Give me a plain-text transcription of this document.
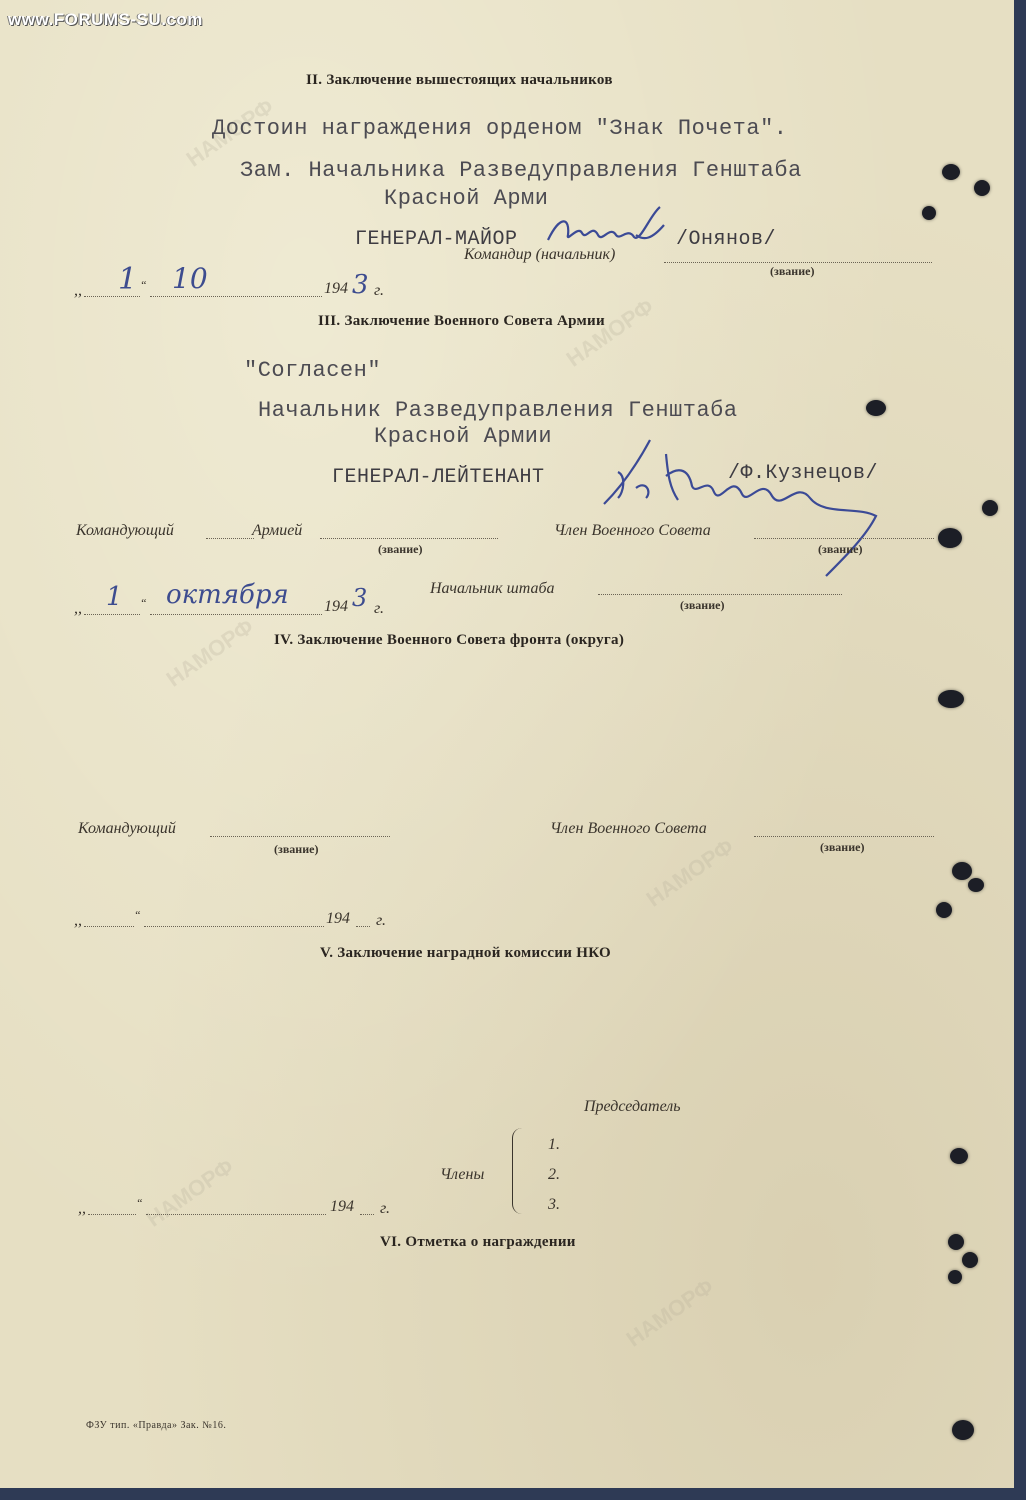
НАМОРФ
НАМОРФ
НАМОРФ
НАМОРФ
НАМОРФ
НАМОРФ
www.FORUMS-SU.com
II. Заключение вышестоящих начальников
Достоин награждения орденом "Знак Почета".
Зам. Начальника Разведуправления Генштаба
Красной Арми
ГЕНЕРАЛ-МАЙОР	/Онянов/
Командир (начальник)
(звание)
,, 1 “ 10	194 3 г.
III. Заключение Военного Совета Армии
"Согласен"
Начальник Разведуправления Генштаба
Красной Армии
ГЕНЕРАЛ-ЛЕЙТЕНАНТ	/Ф.Кузнецов/
Командующий	Армией
(звание)
Член Военного Совета
(звание)
Начальник штаба
(звание)
,, 1 “ октября 194 3 г.
IV. Заключение Военного Совета фронта (округа)
Командующий
(звание)
Член Военного Совета
(звание)
,,	“	194 г.
V. Заключение наградной комиссии НКО
Председатель
Члены
1.
2.
3.
,,	“	194 г.
VI. Отметка о награждении
ФЗУ тип. «Правда» Зак. №16.
